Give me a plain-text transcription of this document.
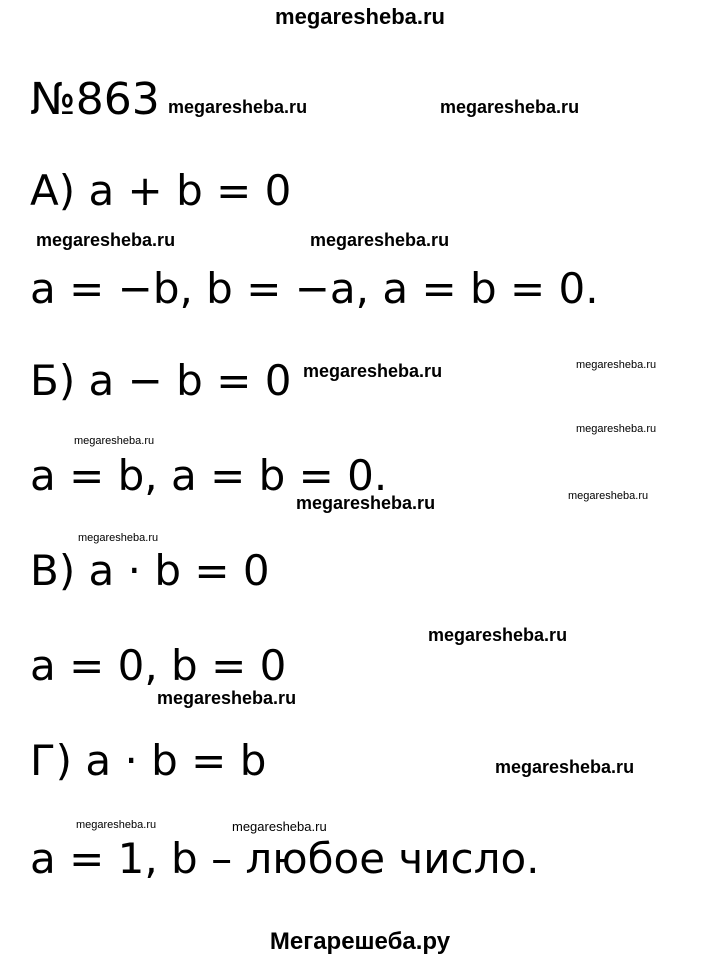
megaresheba.ru
№863
А) a + b = 0
a = −b, b = −a, a = b = 0.
Б) a − b = 0
a = b, a = b = 0.
В) a · b = 0
a = 0, b = 0
Г) a · b = b
a = 1, b – любое число.
megaresheba.ru	megaresheba.ru
megaresheba.ru	megaresheba.ru
megaresheba.ru	megaresheba.ru
megaresheba.ru
megaresheba.ru
megaresheba.ru	megaresheba.ru
megaresheba.ru
megaresheba.ru
megaresheba.ru
megaresheba.ru
megaresheba.ru	megaresheba.ru
Мегарешеба.ру
